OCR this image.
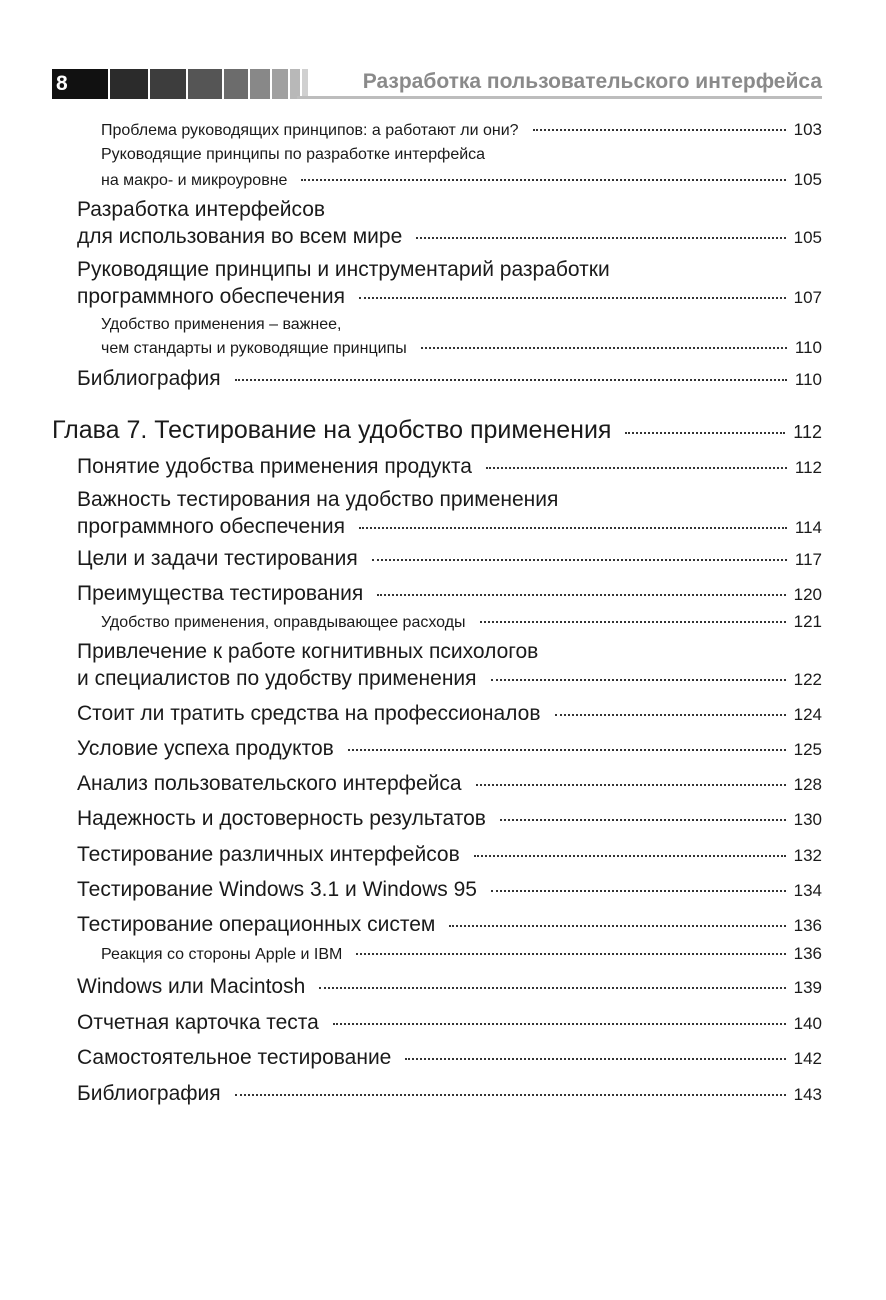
8	Разработка пользовательского интерфейса
Проблема руководящих принципов: а работают ли они?	103
Руководящие принципы по разработке интерфейса
на макро- и микроуровне	105
Разработка интерфейсов
для использования во всем мире	105
Руководящие принципы и инструментарий разработки
программного обеспечения	107
Удобство применения – важнее,
чем стандарты и руководящие принципы	110
Библиография	110
Глава 7. Тестирование на удобство применения	112
Понятие удобства применения продукта	112
Важность тестирования на удобство применения
программного обеспечения	114
Цели и задачи тестирования	117
Преимущества тестирования	120
Удобство применения, оправдывающее расходы	121
Привлечение к работе когнитивных психологов
и специалистов по удобству применения	122
Стоит ли тратить средства на профессионалов	124
Условие успеха продуктов	125
Анализ пользовательского интерфейса	128
Надежность и достоверность результатов	130
Тестирование различных интерфейсов	132
Тестирование Windows 3.1 и Windows 95	134
Тестирование операционных систем	136
Реакция со стороны Apple и IBM	136
Windows или Macintosh	139
Отчетная карточка теста	140
Самостоятельное тестирование	142
Библиография	143
